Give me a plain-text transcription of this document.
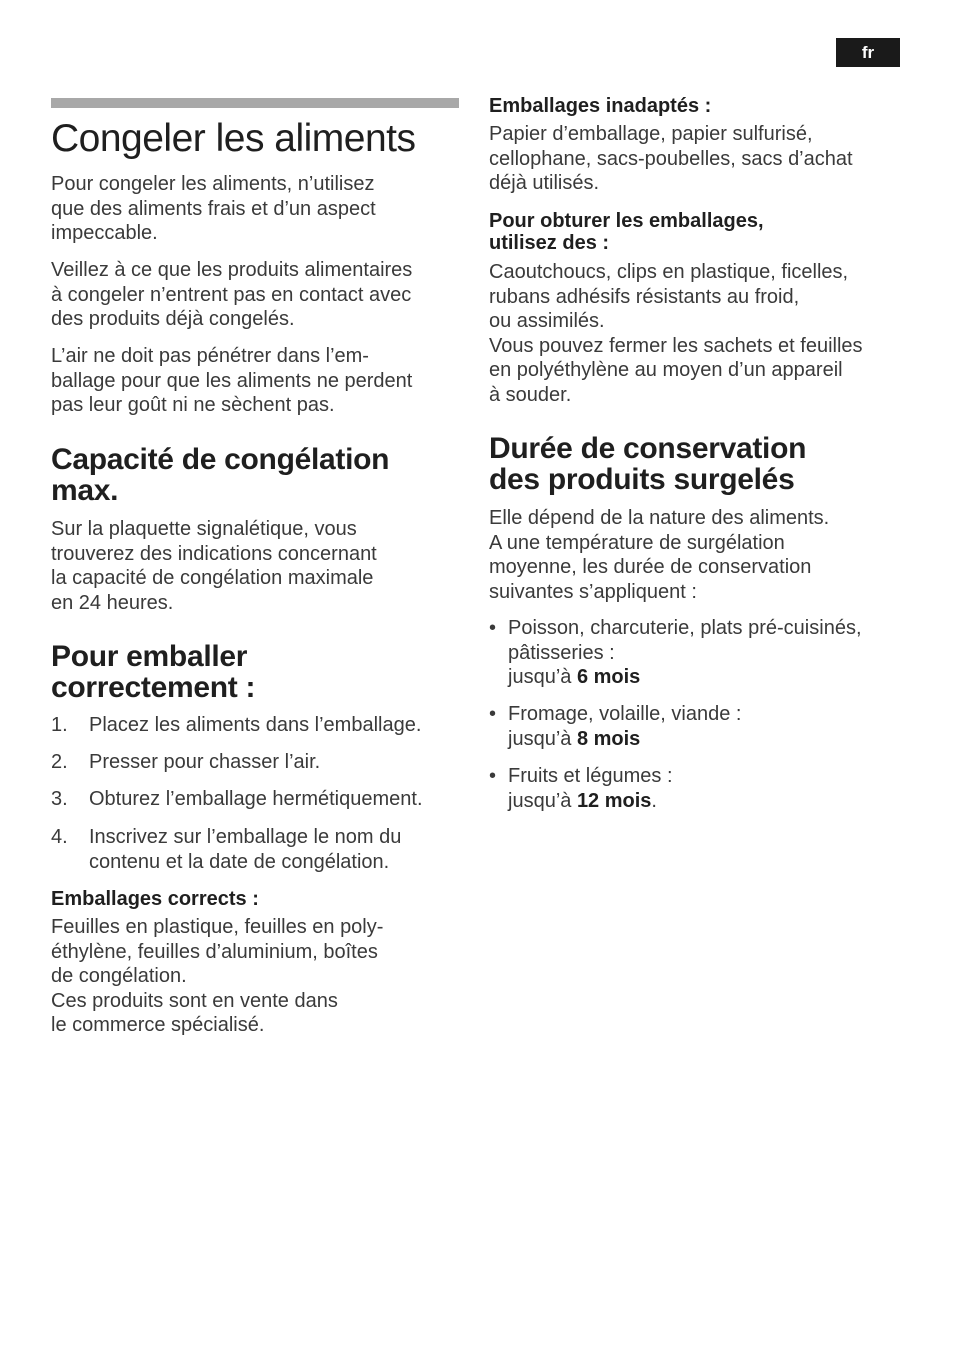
fr
Congeler les aliments

Pour congeler les aliments, n’utilisez
que des aliments frais et d’un aspect
impeccable.

Veillez à ce que les produits alimentaires
à congeler n’entrent pas en contact avec
des produits déjà congelés.

L’air ne doit pas pénétrer dans l’em-
ballage pour que les aliments ne perdent
pas leur goût ni ne sèchent pas.

Capacité de congélation
max.

Sur la plaquette signalétique, vous
trouverez des indications concernant
la capacité de congélation maximale
en 24 heures.

Pour emballer
correctement :
1. Placez les aliments dans l’emballage.
2. Presser pour chasser l’air.
3. Obturez l’emballage hermétiquement.
4. Inscrivez sur l’emballage le nom du
contenu et la date de congélation.

Emballages corrects :

Feuilles en plastique, feuilles en poly-
éthylène, feuilles d’aluminium, boîtes
de congélation.
Ces produits sont en vente dans
le commerce spécialisé.

Emballages inadaptés :

Papier d’emballage, papier sulfurisé,
cellophane, sacs-poubelles, sacs d’achat
déjà utilisés.

Pour obturer les emballages,
utilisez des :

Caoutchoucs, clips en plastique, ficelles,
rubans adhésifs résistants au froid,
ou assimilés.
Vous pouvez fermer les sachets et feuilles
en polyéthylène au moyen d’un appareil
à souder.

Durée de conservation
des produits surgelés

Elle dépend de la nature des aliments.
A une température de surgélation
moyenne, les durée de conservation
suivantes s’appliquent :

• Poisson, charcuterie, plats pré-cuisinés,
pâtisseries :
jusqu’à 6 mois
• Fromage, volaille, viande :
jusqu’à 8 mois
• Fruits et légumes :
jusqu’à 12 mois.
